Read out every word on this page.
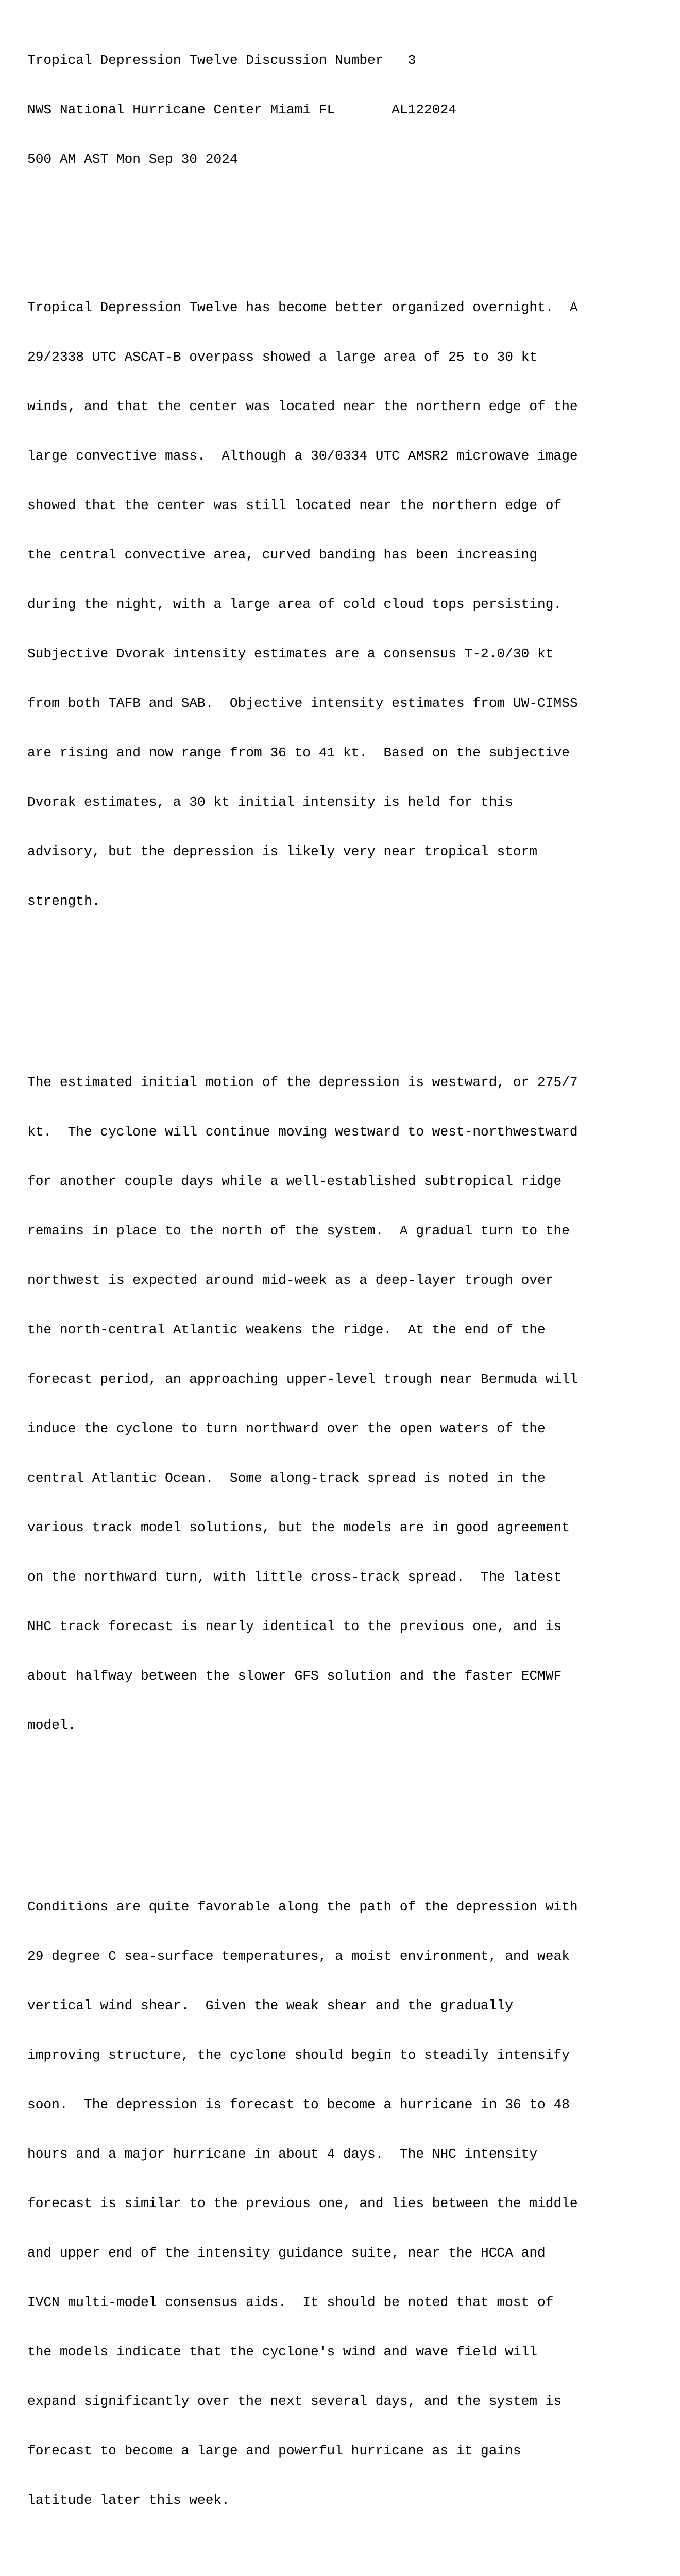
Tropical Depression Twelve Discussion Number   3

NWS National Hurricane Center Miami FL       AL122024

500 AM AST Mon Sep 30 2024

Tropical Depression Twelve has become better organized overnight.  A

29/2338 UTC ASCAT-B overpass showed a large area of 25 to 30 kt

winds, and that the center was located near the northern edge of the

large convective mass.  Although a 30/0334 UTC AMSR2 microwave image

showed that the center was still located near the northern edge of

the central convective area, curved banding has been increasing

during the night, with a large area of cold cloud tops persisting.

Subjective Dvorak intensity estimates are a consensus T-2.0/30 kt

from both TAFB and SAB.  Objective intensity estimates from UW-CIMSS

are rising and now range from 36 to 41 kt.  Based on the subjective

Dvorak estimates, a 30 kt initial intensity is held for this

advisory, but the depression is likely very near tropical storm

strength.

The estimated initial motion of the depression is westward, or 275/7

kt.  The cyclone will continue moving westward to west-northwestward

for another couple days while a well-established subtropical ridge

remains in place to the north of the system.  A gradual turn to the

northwest is expected around mid-week as a deep-layer trough over

the north-central Atlantic weakens the ridge.  At the end of the

forecast period, an approaching upper-level trough near Bermuda will

induce the cyclone to turn northward over the open waters of the

central Atlantic Ocean.  Some along-track spread is noted in the

various track model solutions, but the models are in good agreement

on the northward turn, with little cross-track spread.  The latest

NHC track forecast is nearly identical to the previous one, and is

about halfway between the slower GFS solution and the faster ECMWF

model.

Conditions are quite favorable along the path of the depression with

29 degree C sea-surface temperatures, a moist environment, and weak

vertical wind shear.  Given the weak shear and the gradually

improving structure, the cyclone should begin to steadily intensify

soon.  The depression is forecast to become a hurricane in 36 to 48

hours and a major hurricane in about 4 days.  The NHC intensity

forecast is similar to the previous one, and lies between the middle

and upper end of the intensity guidance suite, near the HCCA and

IVCN multi-model consensus aids.  It should be noted that most of

the models indicate that the cyclone's wind and wave field will

expand significantly over the next several days, and the system is

forecast to become a large and powerful hurricane as it gains

latitude later this week.
